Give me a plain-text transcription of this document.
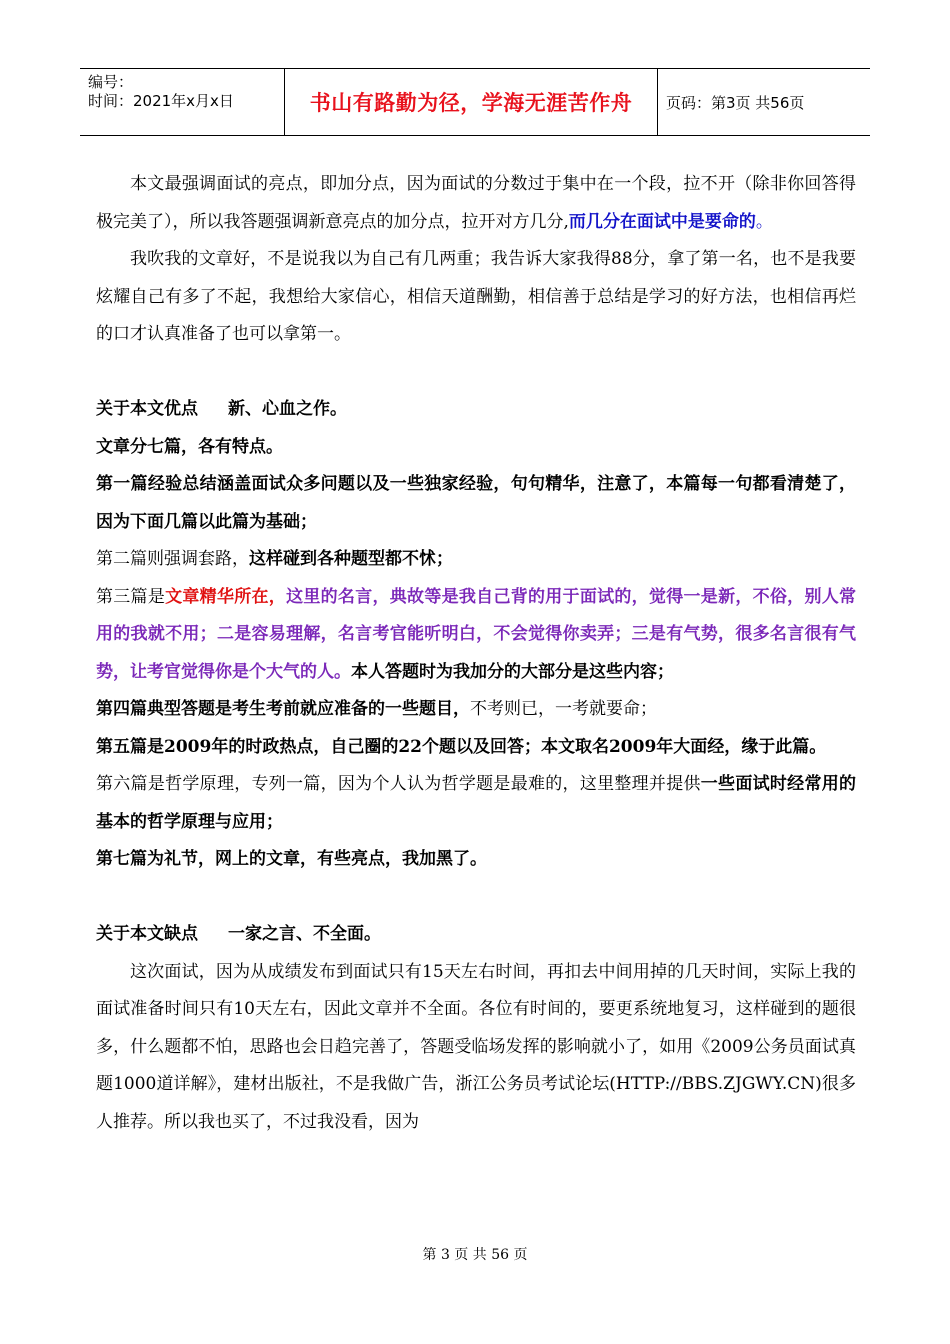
编号：
时间：2021年x月x日	书山有路勤为径，学海无涯苦作舟 页码：第3页 共56页

本文最强调面试的亮点，即加分点，因为面试的分数过于集中在一个段，拉不开（除非你回答得极完美了），所以我答题强调新意亮点的加分点，拉开对方几分,而几分在面试中是要命的。

我吹我的文章好，不是说我以为自己有几两重；我告诉大家我得88分，拿了第一名，也不是我要炫耀自己有多了不起，我想给大家信心，相信天道酬勤，相信善于总结是学习的好方法，也相信再烂的口才认真准备了也可以拿第一。

关于本文优点 新、心血之作。

文章分七篇，各有特点。

第一篇经验总结涵盖面试众多问题以及一些独家经验，句句精华，注意了，本篇每一句都看清楚了，因为下面几篇以此篇为基础；

第二篇则强调套路，这样碰到各种题型都不怵；

第三篇是文章精华所在，这里的名言，典故等是我自己背的用于面试的，觉得一是新，不俗，别人常用的我就不用；二是容易理解，名言考官能听明白，不会觉得你卖弄；三是有气势，很多名言很有气势，让考官觉得你是个大气的人。本人答题时为我加分的大部分是这些内容；

第四篇典型答题是考生考前就应准备的一些题目，不考则已，一考就要命；

第五篇是2009年的时政热点，自己圈的22个题以及回答；本文取名2009年大面经，缘于此篇。

第六篇是哲学原理，专列一篇，因为个人认为哲学题是最难的，这里整理并提供一些面试时经常用的基本的哲学原理与应用；

第七篇为礼节，网上的文章，有些亮点，我加黑了。

关于本文缺点 一家之言、不全面。

这次面试，因为从成绩发布到面试只有15天左右时间，再扣去中间用掉的几天时间，实际上我的面试准备时间只有10天左右，因此文章并不全面。各位有时间的，要更系统地复习，这样碰到的题很多，什么题都不怕，思路也会日趋完善了，答题受临场发挥的影响就小了，如用《2009公务员面试真题1000道详解》，建材出版社，不是我做广告，浙江公务员考试论坛(HTTP://BBS.ZJGWY.CN)很多人推荐。所以我也买了，不过我没看，因为

第 3 页 共 56 页
